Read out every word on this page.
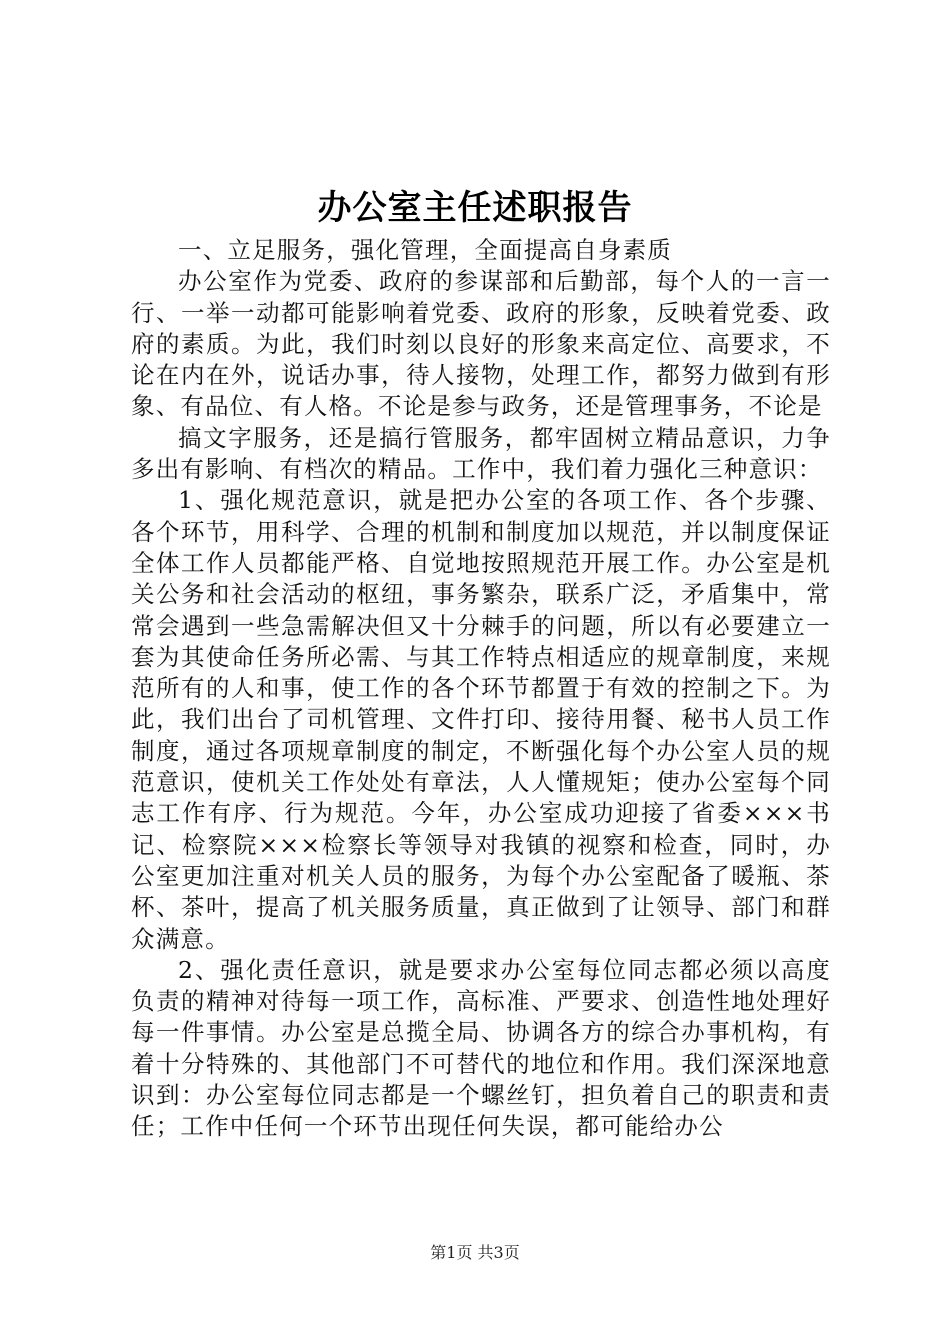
办公室主任述职报告

一、立足服务，强化管理，全面提高自身素质

办公室作为党委、政府的参谋部和后勤部，每个人的一言一行、一举一动都可能影响着党委、政府的形象，反映着党委、政府的素质。为此，我们时刻以良好的形象来高定位、高要求，不论在内在外，说话办事，待人接物，处理工作，都努力做到有形象、有品位、有人格。不论是参与政务，还是管理事务，不论是

搞文字服务，还是搞行管服务，都牢固树立精品意识，力争多出有影响、有档次的精品。工作中，我们着力强化三种意识：

1、强化规范意识，就是把办公室的各项工作、各个步骤、各个环节，用科学、合理的机制和制度加以规范，并以制度保证全体工作人员都能严格、自觉地按照规范开展工作。办公室是机关公务和社会活动的枢纽，事务繁杂，联系广泛，矛盾集中，常常会遇到一些急需解决但又十分棘手的问题，所以有必要建立一套为其使命任务所必需、与其工作特点相适应的规章制度，来规范所有的人和事，使工作的各个环节都置于有效的控制之下。为此，我们出台了司机管理、文件打印、接待用餐、秘书人员工作制度，通过各项规章制度的制定，不断强化每个办公室人员的规范意识，使机关工作处处有章法，人人懂规矩；使办公室每个同志工作有序、行为规范。今年，办公室成功迎接了省委×××书记、检察院×××检察长等领导对我镇的视察和检查，同时，办公室更加注重对机关人员的服务，为每个办公室配备了暖瓶、茶杯、茶叶，提高了机关服务质量，真正做到了让领导、部门和群众满意。

2、强化责任意识，就是要求办公室每位同志都必须以高度负责的精神对待每一项工作，高标准、严要求、创造性地处理好每一件事情。办公室是总揽全局、协调各方的综合办事机构，有着十分特殊的、其他部门不可替代的地位和作用。我们深深地意识到：办公室每位同志都是一个螺丝钉，担负着自己的职责和责任；工作中任何一个环节出现任何失误，都可能给办公

第1页 共3页
